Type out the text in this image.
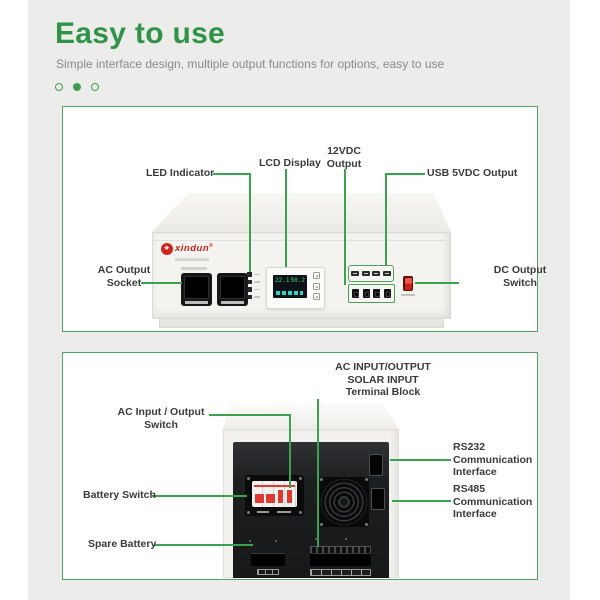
Easy to use
Simple interface design, multiple output functions for options, easy to use
★ xindun®
22.1 50.2
LED Indicator
LCD Display
12VDC
Output
USB 5VDC Output
AC Output
Socket
DC Output
Switch
AC INPUT/OUTPUT
SOLAR INPUT
Terminal Block
AC Input / Output
Switch
Battery Switch
Spare Battery
RS232
Communication
Interface
RS485
Communication
Interface
